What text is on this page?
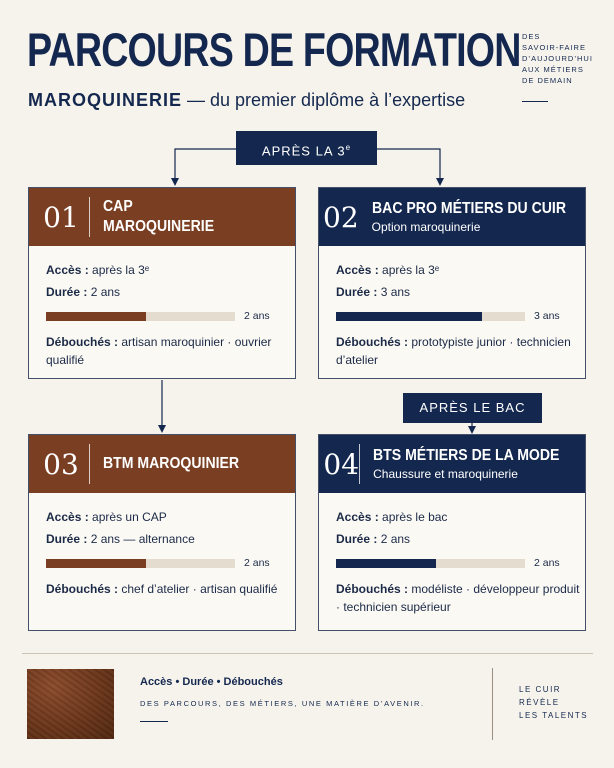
PARCOURS DE FORMATION
MAROQUINERIE — du premier diplôme à l’expertise
DES
SAVOIR-FAIRE
D’AUJOURD’HUI
AUX MÉTIERS
DE DEMAIN
APRÈS LA 3e
APRÈS LE BAC
01	CAP
MAROQUINERIE
Accès : après la 3ᵉ
Durée : 2 ans
2 ans
Débouchés : artisan maroquinier · ouvrier qualifié
02 BAC PRO MÉTIERS DU CUIR
Option maroquinerie
Accès : après la 3ᵉ
Durée : 3 ans
3 ans
Débouchés : prototypiste junior · technicien d’atelier
03	BTM MAROQUINIER
Accès : après un CAP
Durée : 2 ans — alternance
2 ans
Débouchés : chef d’atelier · artisan qualifié
04 BTS MÉTIERS DE LA MODE
Chaussure et maroquinerie
Accès : après le bac
Durée : 2 ans
2 ans
Débouchés : modéliste · développeur produit · technicien supérieur
Accès • Durée • Débouchés
DES PARCOURS, DES MÉTIERS, UNE MATIÈRE D’AVENIR.
LE CUIR
RÉVÈLE
LES TALENTS
